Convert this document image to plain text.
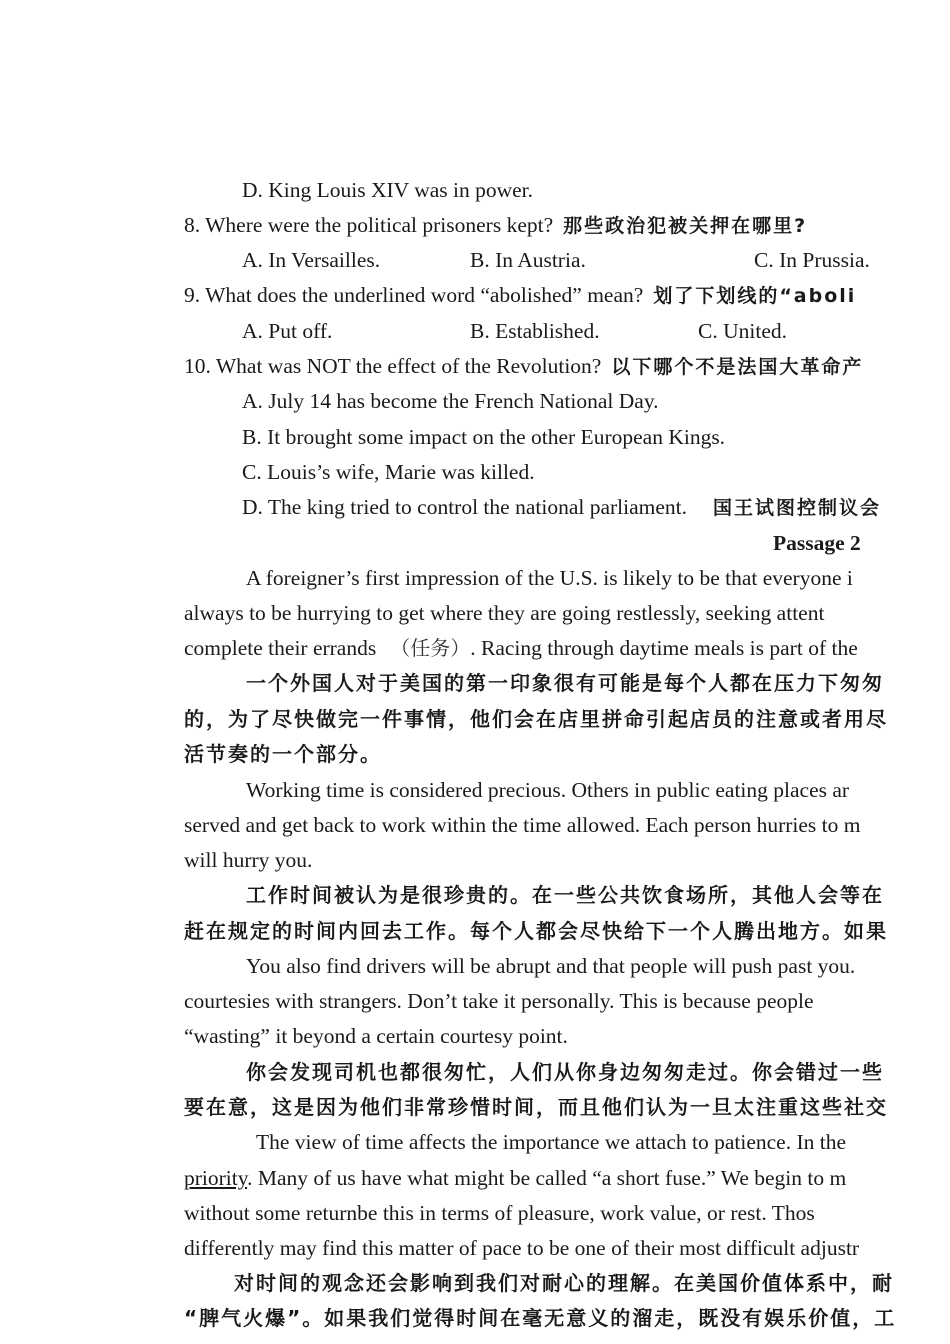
D. King Louis XIV was in power.
8. Where were the political prisoners kept? 那些政治犯被关押在哪里?
A. In Versailles.	B. In Austria.	C. In Prussia.
9. What does the underlined word “abolished” mean? 划了下划线的“aboli
A. Put off.	B. Established.	C. United.
10. What was NOT the effect of the Revolution? 以下哪个不是法国大革命产
A. July 14 has become the French National Day.
B. It brought some impact on the other European Kings.
C. Louis’s wife, Marie was killed.
D. The king tried to control the national parliament. 国王试图控制议会
Passage 2
A foreigner’s first impression of the U.S. is likely to be that everyone i
always to be hurrying to get where they are going restlessly, seeking attent
complete their errands （任务）. Racing through daytime meals is part of the
一个外国人对于美国的第一印象很有可能是每个人都在压力下匆匆
的，为了尽快做完一件事情，他们会在店里拼命引起店员的注意或者用尽
活节奏的一个部分。
Working time is considered precious. Others in public eating places ar
served and get back to work within the time allowed. Each person hurries to m
will hurry you.
工作时间被认为是很珍贵的。在一些公共饮食场所，其他人会等在
赶在规定的时间内回去工作。每个人都会尽快给下一个人腾出地方。如果
You also find drivers will be abrupt and that people will push past you.
courtesies with strangers. Don’t take it personally. This is because people
“wasting” it beyond a certain courtesy point.
你会发现司机也都很匆忙，人们从你身边匆匆走过。你会错过一些
要在意，这是因为他们非常珍惜时间，而且他们认为一旦太注重这些社交
The view of time affects the importance we attach to patience. In the
priority. Many of us have what might be called “a short fuse.” We begin to m
without some returnbe this in terms of pleasure, work value, or rest. Thos
differently may find this matter of pace to be one of their most difficult adjustr
对时间的观念还会影响到我们对耐心的理解。在美国价值体系中，耐
“脾气火爆”。如果我们觉得时间在毫无意义的溜走，既没有娱乐价值，工
